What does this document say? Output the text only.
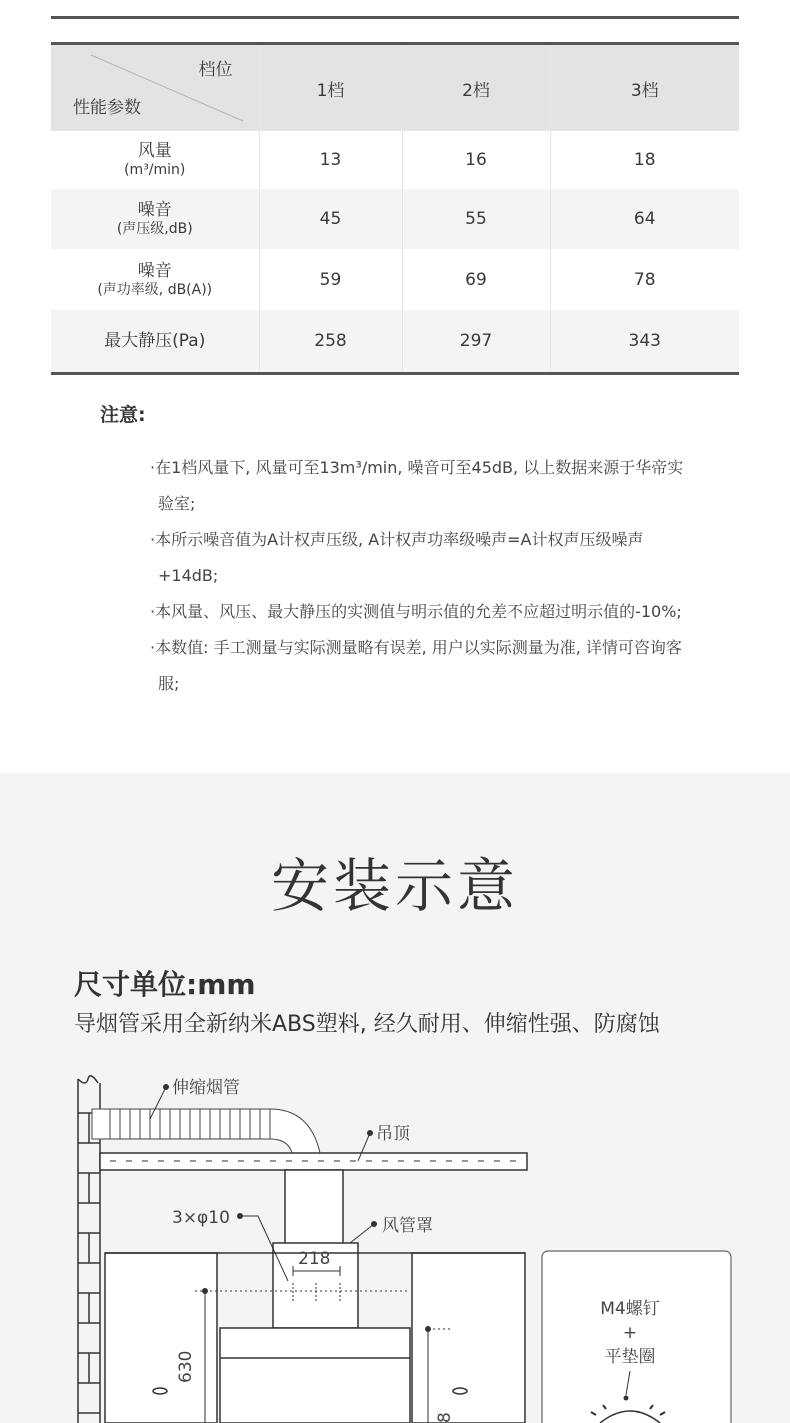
档位
性能参数	1档	2档	3档

风量
(m³/min)	13	16	18

噪音
(声压级,dB)	45	55	64

噪音
(声功率级, dB(A))	59	69	78

最大静压(Pa)	258	297	343
注意:
·在1档风量下, 风量可至13m³/min, 噪音可至45dB, 以上数据来源于华帝实验室;
·本所示噪音值为A计权声压级, A计权声功率级噪声=A计权声压级噪声+14dB;
·本风量、风压、最大静压的实测值与明示值的允差不应超过明示值的-10%;
·本数值: 手工测量与实际测量略有误差, 用户以实际测量为准, 详情可咨询客服;
安装示意
尺寸单位:mm
导烟管采用全新纳米ABS塑料, 经久耐用、伸缩性强、防腐蚀
伸缩烟管
吊顶
3×φ10	风管罩
218
630
8
M4螺钉
+
平垫圈
